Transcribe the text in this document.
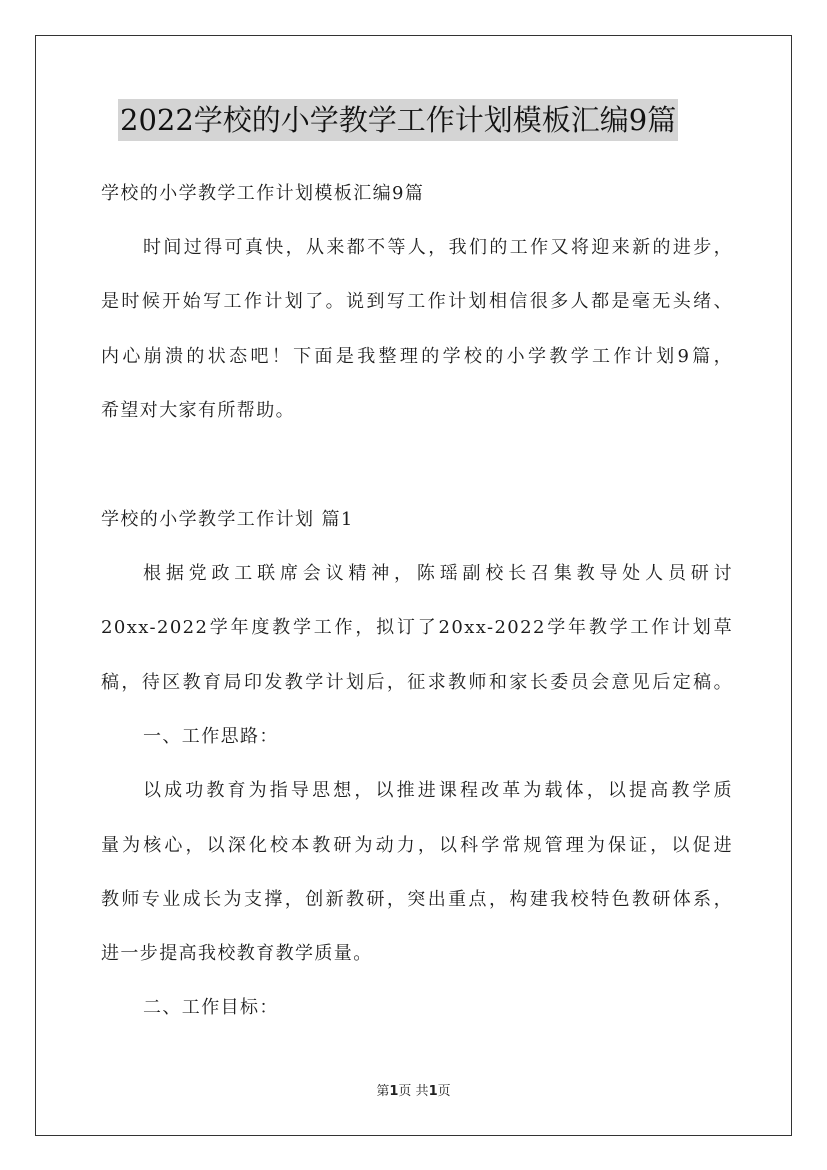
2022学校的小学教学工作计划模板汇编9篇
学校的小学教学工作计划模板汇编9篇
时间过得可真快，从来都不等人，我们的工作又将迎来新的进步，
是时候开始写工作计划了。说到写工作计划相信很多人都是毫无头绪、
内心崩溃的状态吧！下面是我整理的学校的小学教学工作计划9篇，
希望对大家有所帮助。
学校的小学教学工作计划 篇1
根据党政工联席会议精神，陈瑶副校长召集教导处人员研讨
20xx-2022学年度教学工作，拟订了20xx-2022学年教学工作计划草
稿，待区教育局印发教学计划后，征求教师和家长委员会意见后定稿。
一、工作思路：
以成功教育为指导思想，以推进课程改革为载体，以提高教学质
量为核心，以深化校本教研为动力，以科学常规管理为保证，以促进
教师专业成长为支撑，创新教研，突出重点，构建我校特色教研体系，
进一步提高我校教育教学质量。
二、工作目标：
第1页 共1页
